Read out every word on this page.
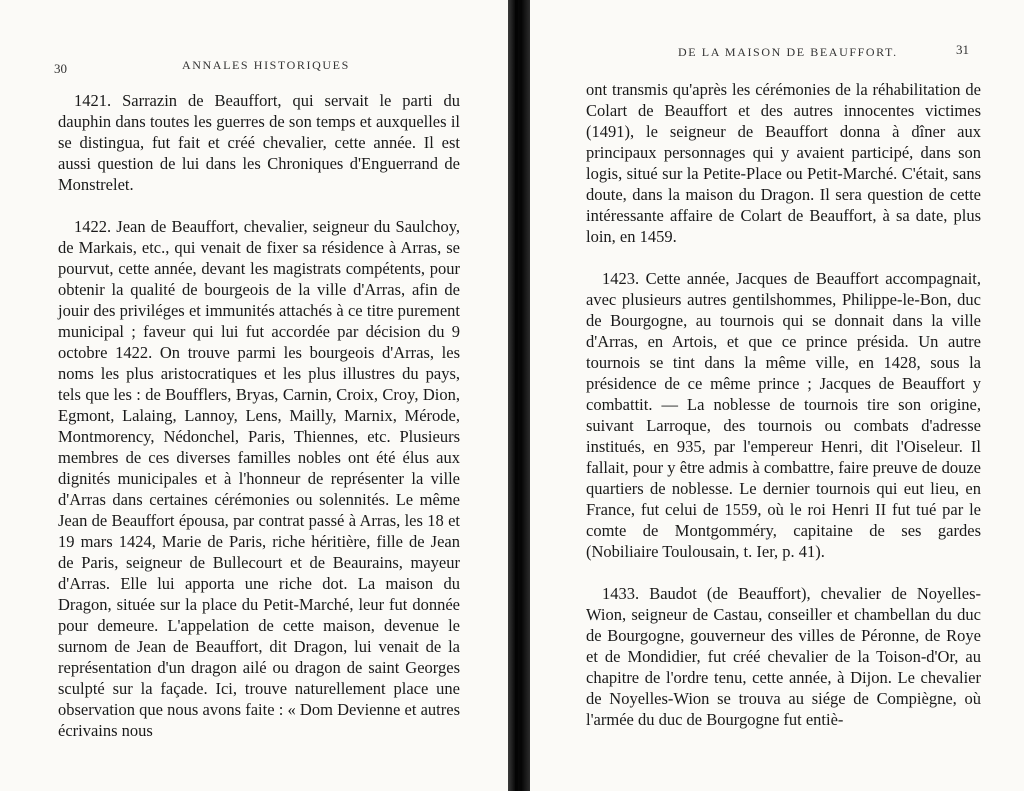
30	ANNALES HISTORIQUES

1421. Sarrazin de Beauffort, qui servait le parti du dauphin dans toutes les guerres de son temps et auxquelles il se distingua, fut fait et créé chevalier, cette année. Il est aussi question de lui dans les Chroniques d'Enguerrand de Monstrelet.

1422. Jean de Beauffort, chevalier, seigneur du Saulchoy, de Markais, etc., qui venait de fixer sa résidence à Arras, se pourvut, cette année, devant les magistrats compétents, pour obtenir la qualité de bourgeois de la ville d'Arras, afin de jouir des priviléges et immunités attachés à ce titre purement municipal ; faveur qui lui fut accordée par décision du 9 octobre 1422. On trouve parmi les bourgeois d'Arras, les noms les plus aristocratiques et les plus illustres du pays, tels que les : de Boufflers, Bryas, Carnin, Croix, Croy, Dion, Egmont, Lalaing, Lannoy, Lens, Mailly, Marnix, Mérode, Montmorency, Nédonchel, Paris, Thiennes, etc. Plusieurs membres de ces diverses familles nobles ont été élus aux dignités municipales et à l'honneur de représenter la ville d'Arras dans certaines cérémonies ou solennités. Le même Jean de Beauffort épousa, par contrat passé à Arras, les 18 et 19 mars 1424, Marie de Paris, riche héritière, fille de Jean de Paris, seigneur de Bullecourt et de Beaurains, mayeur d'Arras. Elle lui apporta une riche dot. La maison du Dragon, située sur la place du Petit-Marché, leur fut donnée pour demeure. L'appelation de cette maison, devenue le surnom de Jean de Beauffort, dit Dragon, lui venait de la représentation d'un dragon ailé ou dragon de saint Georges sculpté sur la façade. Ici, trouve naturellement place une observation que nous avons faite : « Dom Devienne et autres écrivains nous

DE LA MAISON DE BEAUFFORT.	31

ont transmis qu'après les cérémonies de la réhabilitation de Colart de Beauffort et des autres innocentes victimes (1491), le seigneur de Beauffort donna à dîner aux principaux personnages qui y avaient participé, dans son logis, situé sur la Petite-Place ou Petit-Marché. C'était, sans doute, dans la maison du Dragon. Il sera question de cette intéressante affaire de Colart de Beauffort, à sa date, plus loin, en 1459.

1423. Cette année, Jacques de Beauffort accompagnait, avec plusieurs autres gentilshommes, Philippe-le-Bon, duc de Bourgogne, au tournois qui se donnait dans la ville d'Arras, en Artois, et que ce prince présida. Un autre tournois se tint dans la même ville, en 1428, sous la présidence de ce même prince ; Jacques de Beauffort y combattit. — La noblesse de tournois tire son origine, suivant Larroque, des tournois ou combats d'adresse institués, en 935, par l'empereur Henri, dit l'Oiseleur. Il fallait, pour y être admis à combattre, faire preuve de douze quartiers de noblesse. Le dernier tournois qui eut lieu, en France, fut celui de 1559, où le roi Henri II fut tué par le comte de Montgomméry, capitaine de ses gardes (Nobiliaire Toulousain, t. Ier, p. 41).

1433. Baudot (de Beauffort), chevalier de Noyelles-Wion, seigneur de Castau, conseiller et chambellan du duc de Bourgogne, gouverneur des villes de Péronne, de Roye et de Mondidier, fut créé chevalier de la Toison-d'Or, au chapitre de l'ordre tenu, cette année, à Dijon. Le chevalier de Noyelles-Wion se trouva au siége de Compiègne, où l'armée du duc de Bourgogne fut entiè-
